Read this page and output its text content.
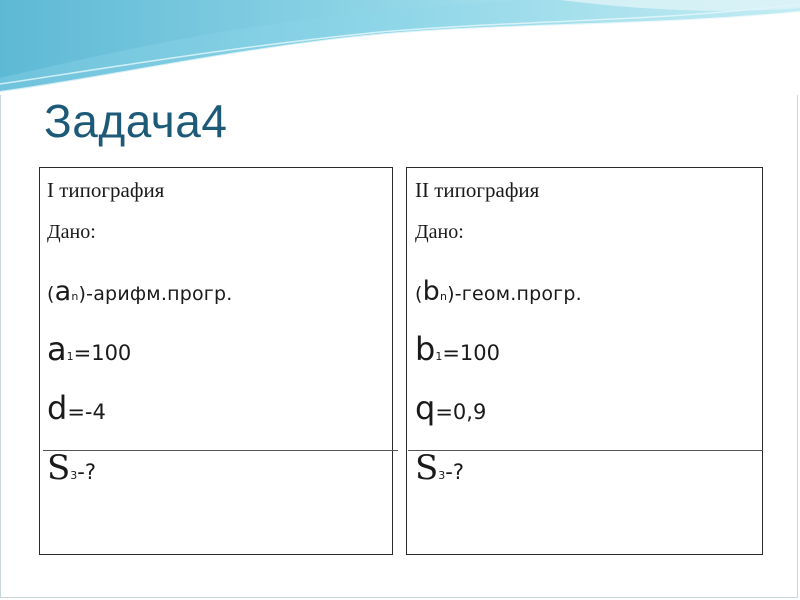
Задача4
I типография
Дано:
(an)-арифм.прогр.
a1=100
d=-4
S3-?
II типография
Дано:
(bn)-геом.прогр.
b1=100
q=0,9
S3-?
